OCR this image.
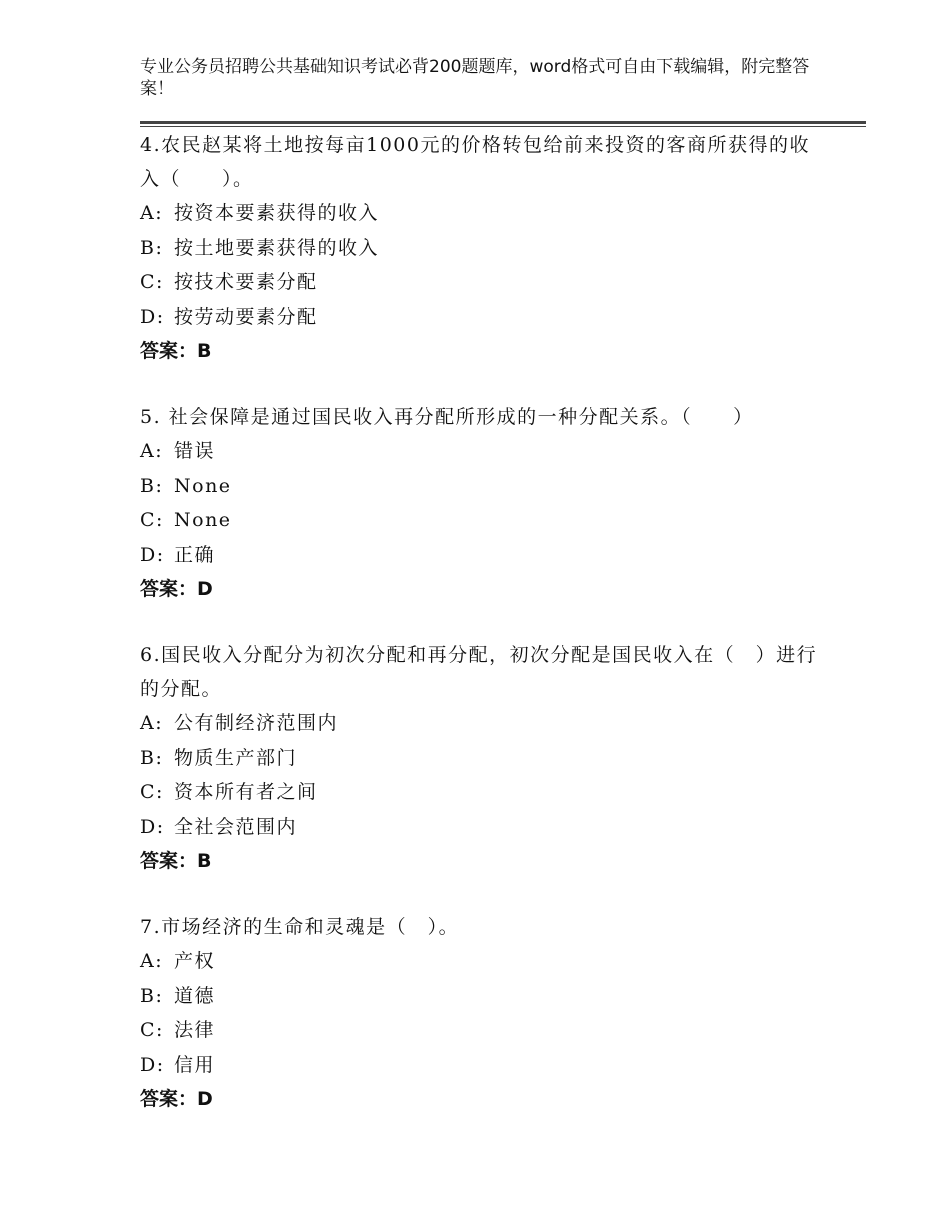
专业公务员招聘公共基础知识考试必背200题题库，word格式可自由下载编辑，附完整答案！

4.农民赵某将土地按每亩1000元的价格转包给前来投资的客商所获得的收入（　　）。

A: 按资本要素获得的收入

B: 按土地要素获得的收入

C: 按技术要素分配

D: 按劳动要素分配

答案：B

5. 社会保障是通过国民收入再分配所形成的一种分配关系。（　　）

A: 错误

B: None

C: None

D: 正确

答案：D

6.国民收入分配分为初次分配和再分配，初次分配是国民收入在（　）进行的分配。

A: 公有制经济范围内

B: 物质生产部门

C: 资本所有者之间

D: 全社会范围内

答案：B

7.市场经济的生命和灵魂是（　）。

A: 产权

B: 道德

C: 法律

D: 信用

答案：D
